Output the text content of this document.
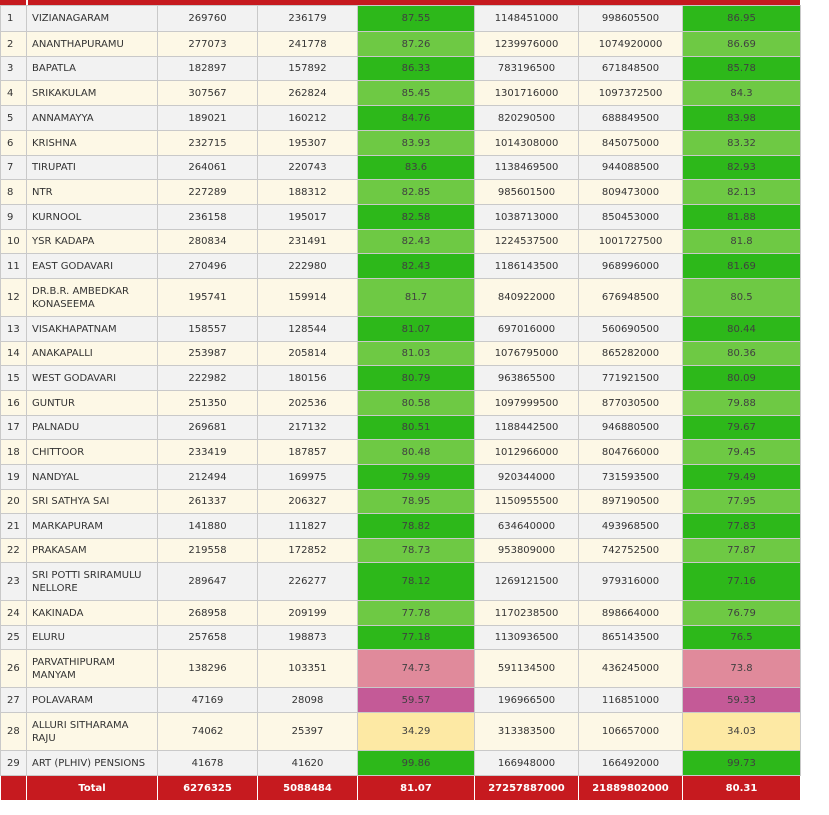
1	VIZIANAGARAM	269760	236179	87.55	1148451000	998605500	86.95
2	ANANTHAPURAMU	277073	241778	87.26	1239976000	1074920000	86.69
3	BAPATLA	182897	157892	86.33	783196500	671848500	85.78
4	SRIKAKULAM	307567	262824	85.45	1301716000	1097372500	84.3
5	ANNAMAYYA	189021	160212	84.76	820290500	688849500	83.98
6	KRISHNA	232715	195307	83.93	1014308000	845075000	83.32
7	TIRUPATI	264061	220743	83.6	1138469500	944088500	82.93
8	NTR	227289	188312	82.85	985601500	809473000	82.13
9	KURNOOL	236158	195017	82.58	1038713000	850453000	81.88
10	YSR KADAPA	280834	231491	82.43	1224537500	1001727500	81.8
11	EAST GODAVARI	270496	222980	82.43	1186143500	968996000	81.69
12	DR.B.R. AMBEDKAR KONASEEMA	195741	159914	81.7	840922000	676948500	80.5
13	VISAKHAPATNAM	158557	128544	81.07	697016000	560690500	80.44
14	ANAKAPALLI	253987	205814	81.03	1076795000	865282000	80.36
15	WEST GODAVARI	222982	180156	80.79	963865500	771921500	80.09
16	GUNTUR	251350	202536	80.58	1097999500	877030500	79.88
17	PALNADU	269681	217132	80.51	1188442500	946880500	79.67
18	CHITTOOR	233419	187857	80.48	1012966000	804766000	79.45
19	NANDYAL	212494	169975	79.99	920344000	731593500	79.49
20	SRI SATHYA SAI	261337	206327	78.95	1150955500	897190500	77.95
21	MARKAPURAM	141880	111827	78.82	634640000	493968500	77.83
22	PRAKASAM	219558	172852	78.73	953809000	742752500	77.87
23	SRI POTTI SRIRAMULU NELLORE	289647	226277	78.12	1269121500	979316000	77.16
24	KAKINADA	268958	209199	77.78	1170238500	898664000	76.79
25	ELURU	257658	198873	77.18	1130936500	865143500	76.5
26	PARVATHIPURAM MANYAM	138296	103351	74.73	591134500	436245000	73.8
27	POLAVARAM	47169	28098	59.57	196966500	116851000	59.33
28	ALLURI SITHARAMA RAJU	74062	25397	34.29	313383500	106657000	34.03
29	ART (PLHIV) PENSIONS	41678	41620	99.86	166948000	166492000	99.73
	Total	6276325	5088484	81.07	27257887000	21889802000	80.31
